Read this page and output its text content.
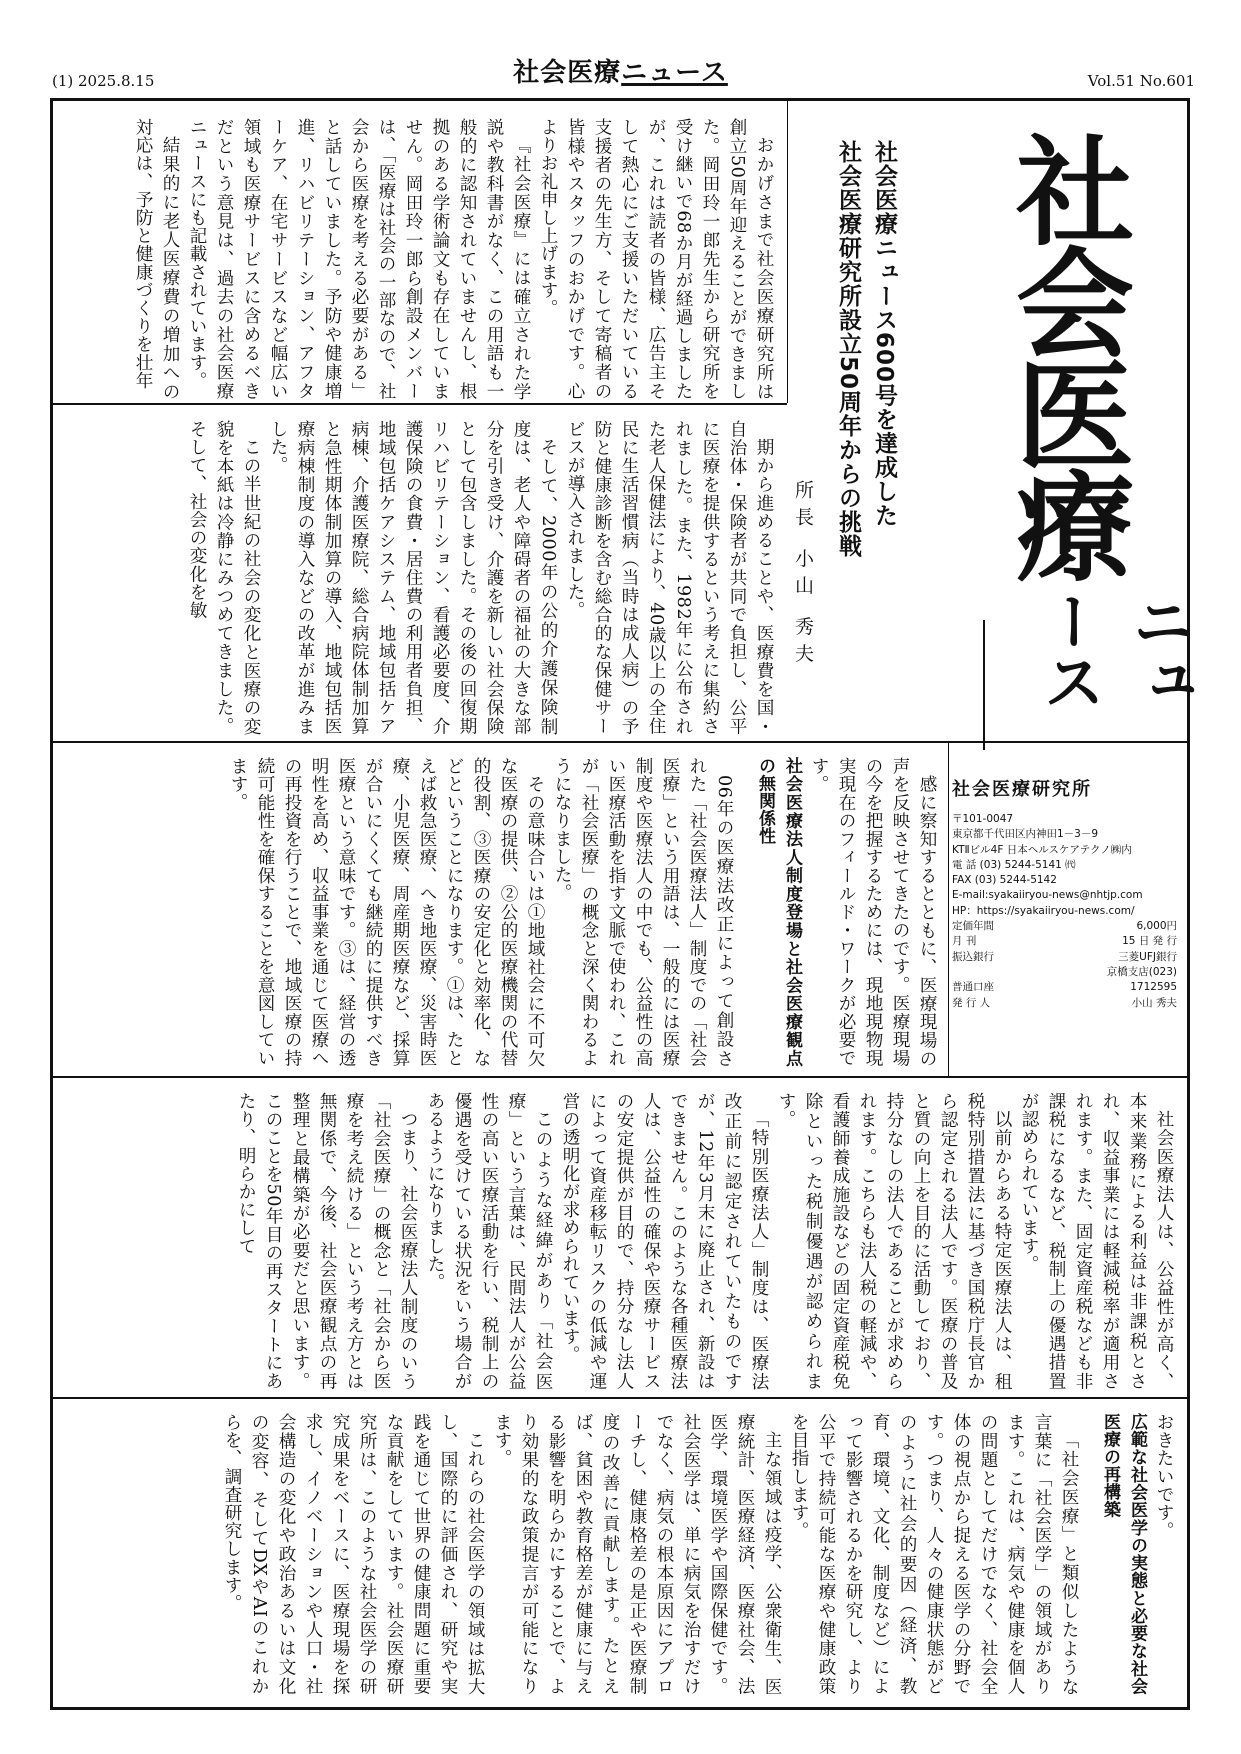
(1) 2025.8.15	社会医療ニュース	Vol.51 No.601
社会医療ニュース600号を達成した
社会医療研究所設立50周年からの挑戦
所長 小山 秀夫 社会医療
ニュース

おかげさまで社会医療研究所は創立50周年迎えることができました。岡田玲一郎先生から研究所を受け継いで68か月が経過しましたが、これは読者の皆様、広告主そして熱心にご支援いただいている支援者の先生方、そして寄稿者の皆様やスタッフのおかげです。心よりお礼申し上げます。

『社会医療』には確立された学説や教科書がなく、この用語も一般的に認知されていませんし、根拠のある学術論文も存在していません。岡田玲一郎ら創設メンバーは、「医療は社会の一部なので、社会から医療を考える必要がある」と話していました。予防や健康増進、リハビリテーション、アフターケア、在宅サービスなど幅広い領域も医療サービスに含めるべきだという意見は、過去の社会医療ニュースにも記載されています。

結果的に老人医療費の増加への対応は、予防と健康づくりを壮年

期から進めることや、医療費を国・自治体・保険者が共同で負担し、公平に医療を提供するという考えに集約されました。また、1982年に公布された老人保健法により、40歳以上の全住民に生活習慣病（当時は成人病）の予防と健康診断を含む総合的な保健サービスが導入されました。

そして、2000年の公的介護保険制度は、老人や障碍者の福祉の大きな部分を引き受け、介護を新しい社会保険として包含しました。その後の回復期リハビリテーション、看護必要度、介護保険の食費・居住費の利用者負担、地域包括ケアシステム、地域包括ケア病棟、介護医療院、総合病院体制加算と急性期体制加算の導入、地域包括医療病棟制度の導入などの改革が進みました。

この半世紀の社会の変化と医療の変貌を本紙は冷静にみつめてきました。そして、社会の変化を敏

感に察知するとともに、医療現場の声を反映させてきたのです。医療現場の今を把握するためには、現地現物現実現在のフィールド・ワークが必要です。

社会医療法人制度登場と社会医療観点の無関係性

06年の医療法改正によって創設された「社会医療法人」制度での「社会医療」という用語は、一般的には医療制度や医療法人の中でも、公益性の高い医療活動を指す文脈で使われ、これが「社会医療」の概念と深く関わるようになりました。

その意味合いは①地域社会に不可欠な医療の提供、②公的医療機関の代替的役割、③医療の安定化と効率化、などということになります。①は、たとえば救急医療、へき地医療、災害時医療、小児医療、周産期医療など、採算が合いにくくても継続的に提供すべき医療という意味です。③は、経営の透明性を高め、収益事業を通じて医療への再投資を行うことで、地域医療の持続可能性を確保することを意図しています。	社会医療研究所
〒101-0047
東京都千代田区内神田1－3－9
KTⅡビル4F 日本ヘルスケアテクノ㈱内
電 話 (03) 5244-5141 ㈹
FAX (03) 5244-5142
E-mail:syakaiiryou-news@nhtjp.com
HP：https://syakaiiryou-news.com/
定価年間	6,000円
月 刊	15 日 発 行
振込銀行	三菱UFJ銀行
京橋支店(023)
普通口座	1712595
発 行 人	小山 秀夫

社会医療法人は、公益性が高く、本来業務による利益は非課税とされ、収益事業には軽減税率が適用されます。また、固定資産税なども非課税になるなど、税制上の優遇措置が認められています。

以前からある特定医療法人は、租税特別措置法に基づき国税庁長官から認定される法人です。医療の普及と質の向上を目的に活動しており、持分なしの法人であることが求められます。こちらも法人税の軽減や、看護師養成施設などの固定資産税免除といった税制優遇が認められます。

「特別医療法人」制度は、医療法改正前に認定されていたものですが、12年3月末に廃止され、新設はできません。このような各種医療法人は、公益性の確保や医療サービスの安定提供が目的で、持分なし法人によって資産移転リスクの低減や運営の透明化が求められています。

このような経緯があり「社会医療」という言葉は、民間法人が公益性の高い医療活動を行い、税制上の優遇を受けている状況をいう場合があるようになりました。

つまり、社会医療法人制度のいう「社会医療」の概念と「社会から医療を考え続ける」という考え方とは無関係で、今後、社会医療観点の再整理と最構築が必要だと思います。このことを50年目の再スタートにあたり、明らかにして

おきたいです。

広範な社会医学の実態と必要な社会医療の再構築

「社会医療」と類似したような言葉に「社会医学」の領域があります。これは、病気や健康を個人の問題としてだけでなく、社会全体の視点から捉える医学の分野です。つまり、人々の健康状態がどのように社会的要因（経済、教育、環境、文化、制度など）によって影響されるかを研究し、より公平で持続可能な医療や健康政策を目指します。

主な領域は疫学、公衆衛生、医療統計、医療経済、医療社会、法医学、環境医学や国際保健です。社会医学は、単に病気を治すだけでなく、病気の根本原因にアプローチし、健康格差の是正や医療制度の改善に貢献します。たとえば、貧困や教育格差が健康に与える影響を明らかにすることで、より効果的な政策提言が可能になります。

これらの社会医学の領域は拡大し、国際的に評価され、研究や実践を通じて世界の健康問題に重要な貢献をしています。社会医療研究所は、このような社会医学の研究成果をベースに、医療現場を探求し、イノベーションや人口・社会構造の変化や政治あるいは文化の変容、そしてDXやAIのこれからを、調査研究します。
